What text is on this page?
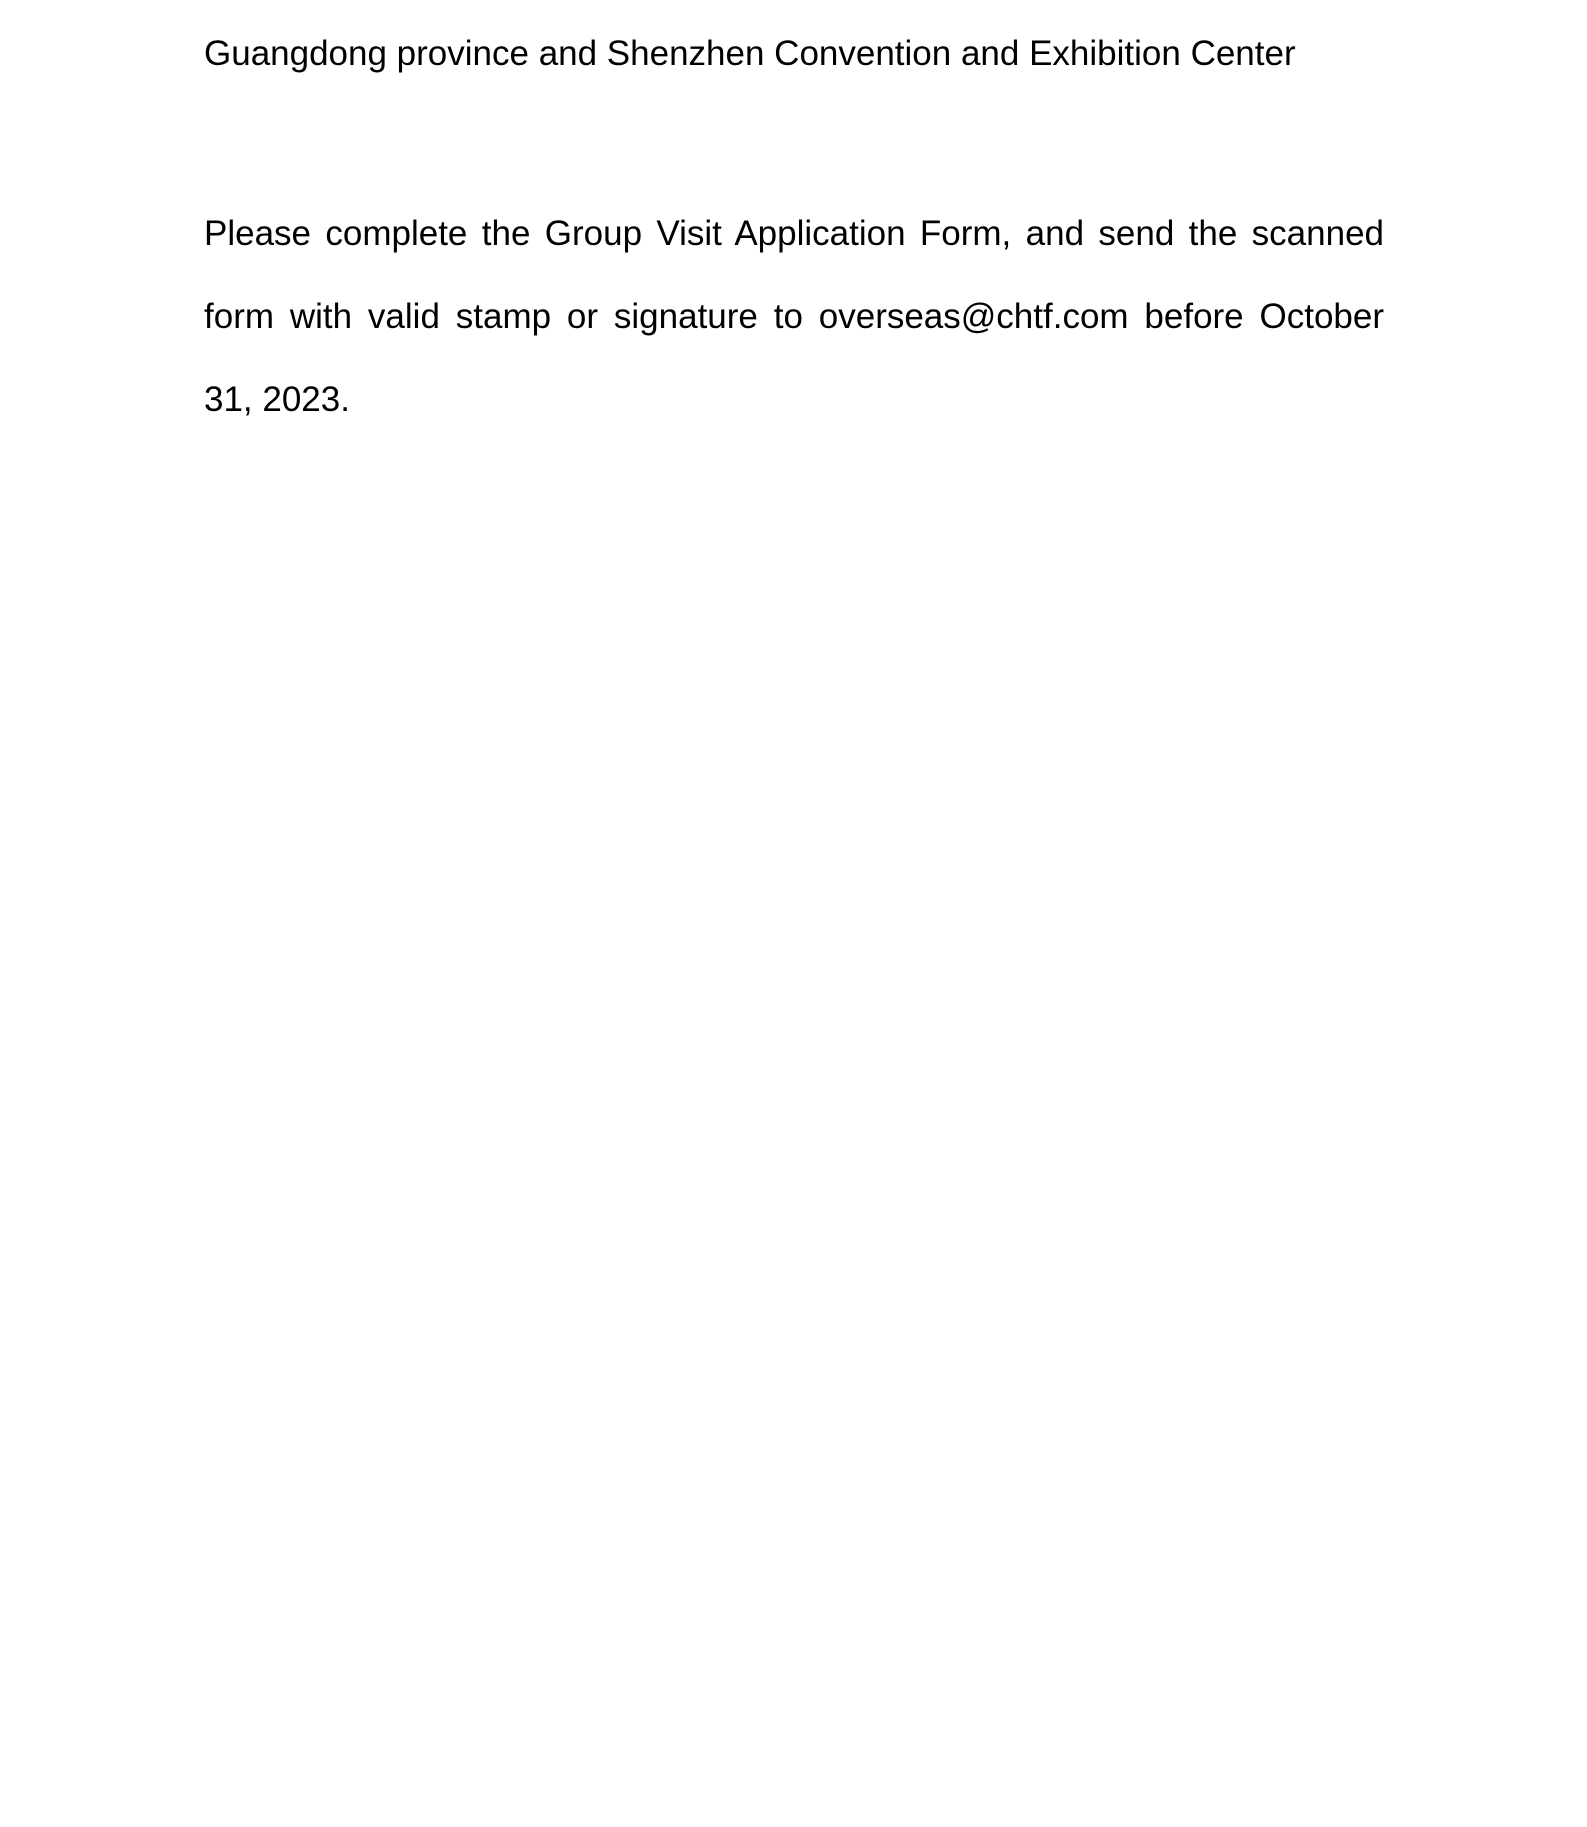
Guangdong province and Shenzhen Convention and Exhibition Center

Please complete the Group Visit Application Form, and send the scanned form with valid stamp or signature to overseas@chtf.com before October 31, 2023.
